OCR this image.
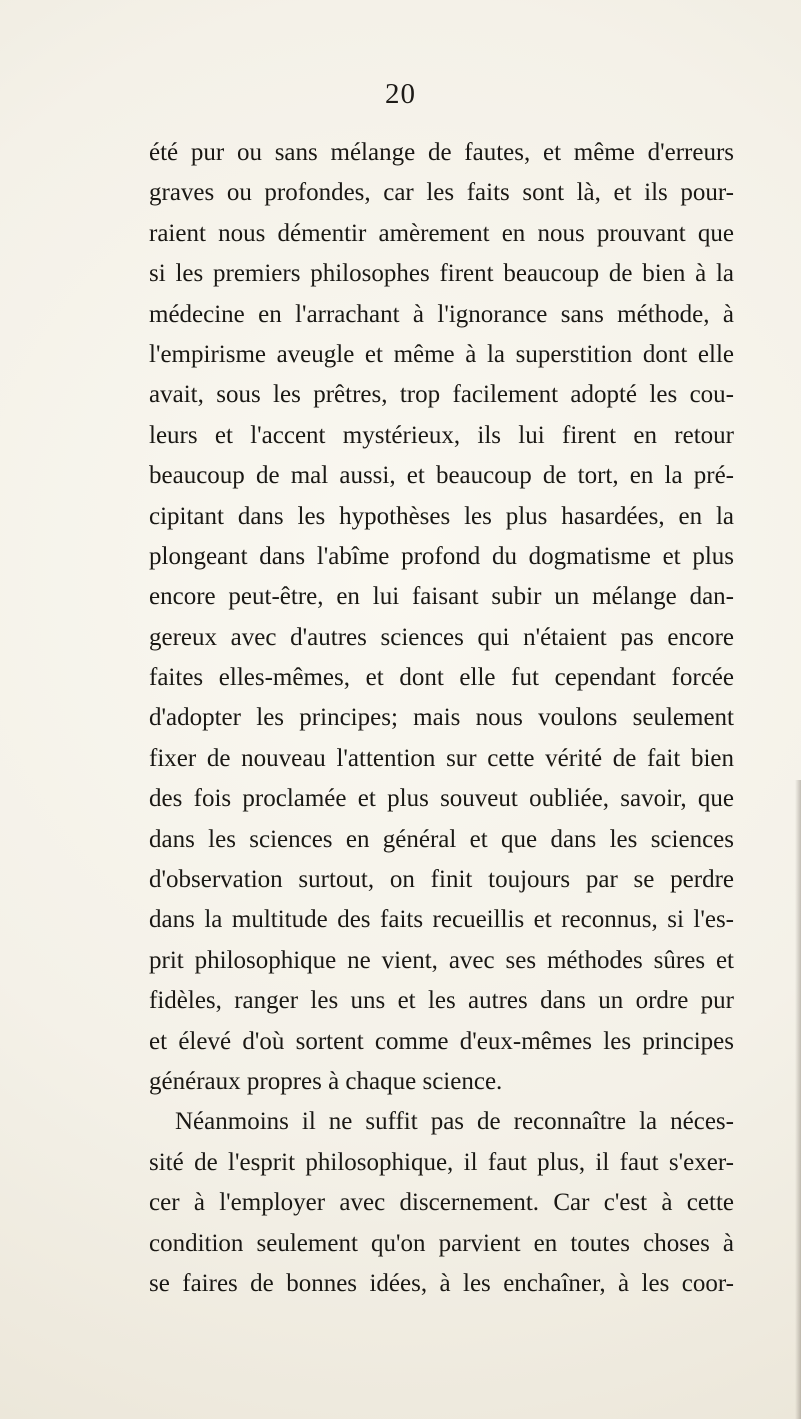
20
été pur ou sans mélange de fautes, et même d'erreurs
graves ou profondes, car les faits sont là, et ils pour-
raient nous démentir amèrement en nous prouvant que
si les premiers philosophes firent beaucoup de bien à la
médecine en l'arrachant à l'ignorance sans méthode, à
l'empirisme aveugle et même à la superstition dont elle
avait, sous les prêtres, trop facilement adopté les cou-
leurs et l'accent mystérieux, ils lui firent en retour
beaucoup de mal aussi, et beaucoup de tort, en la pré-
cipitant dans les hypothèses les plus hasardées, en la
plongeant dans l'abîme profond du dogmatisme et plus
encore peut-être, en lui faisant subir un mélange dan-
gereux avec d'autres sciences qui n'étaient pas encore
faites elles-mêmes, et dont elle fut cependant forcée
d'adopter les principes; mais nous voulons seulement
fixer de nouveau l'attention sur cette vérité de fait bien
des fois proclamée et plus souveut oubliée, savoir, que
dans les sciences en général et que dans les sciences
d'observation surtout, on finit toujours par se perdre
dans la multitude des faits recueillis et reconnus, si l'es-
prit philosophique ne vient, avec ses méthodes sûres et
fidèles, ranger les uns et les autres dans un ordre pur
et élevé d'où sortent comme d'eux-mêmes les principes
généraux propres à chaque science.
Néanmoins il ne suffit pas de reconnaître la néces-
sité de l'esprit philosophique, il faut plus, il faut s'exer-
cer à l'employer avec discernement. Car c'est à cette
condition seulement qu'on parvient en toutes choses à
se faires de bonnes idées, à les enchaîner, à les coor-
